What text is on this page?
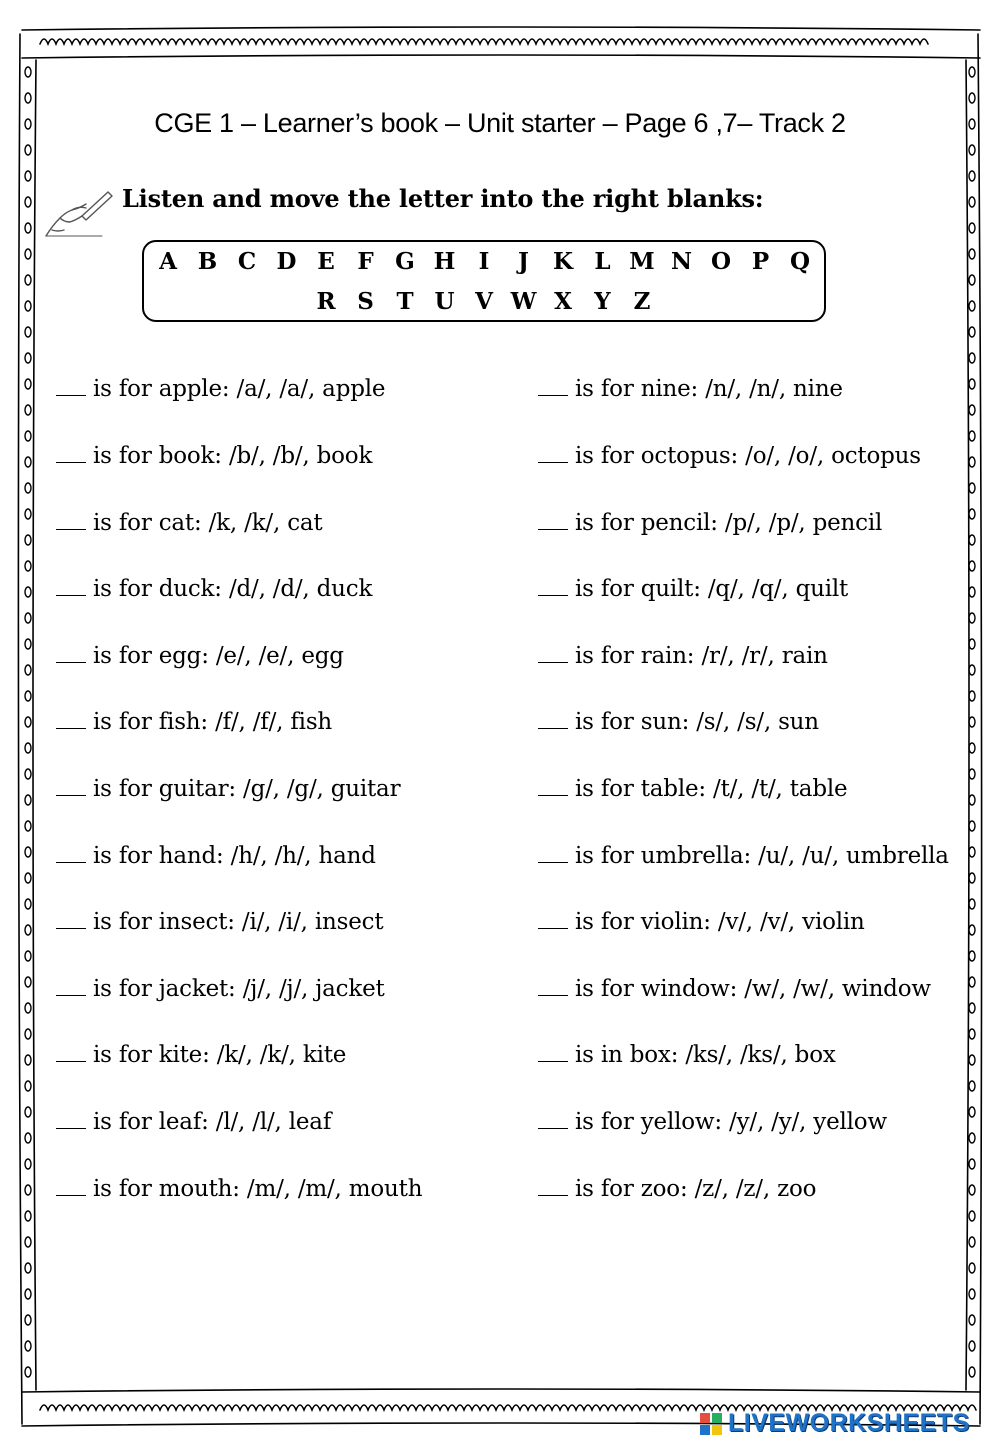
CGE 1 – Learner’s book – Unit starter – Page 6 ,7– Track 2
Listen and move the letter into the right blanks:
A B C D E F G H	I	J	K L M N O P Q
R S T U V W X Y Z
is for apple: /a/, /a/, apple
is for book: /b/, /b/, book
is for cat: /k, /k/, cat
is for duck: /d/, /d/, duck
is for egg: /e/, /e/, egg
is for fish: /f/, /f/, fish
is for guitar: /g/, /g/, guitar
is for hand: /h/, /h/, hand
is for insect: /i/, /i/, insect
is for jacket: /j/, /j/, jacket
is for kite: /k/, /k/, kite
is for leaf: /l/, /l/, leaf
is for mouth: /m/, /m/, mouth
is for nine: /n/, /n/, nine
is for octopus: /o/, /o/, octopus
is for pencil: /p/, /p/, pencil
is for quilt: /q/, /q/, quilt
is for rain: /r/, /r/, rain
is for sun: /s/, /s/, sun
is for table: /t/, /t/, table
is for umbrella: /u/, /u/, umbrella
is for violin: /v/, /v/, violin
is for window: /w/, /w/, window
is in box: /ks/, /ks/, box
is for yellow: /y/, /y/, yellow
is for zoo: /z/, /z/, zoo
LIVEWORKSHEETS
